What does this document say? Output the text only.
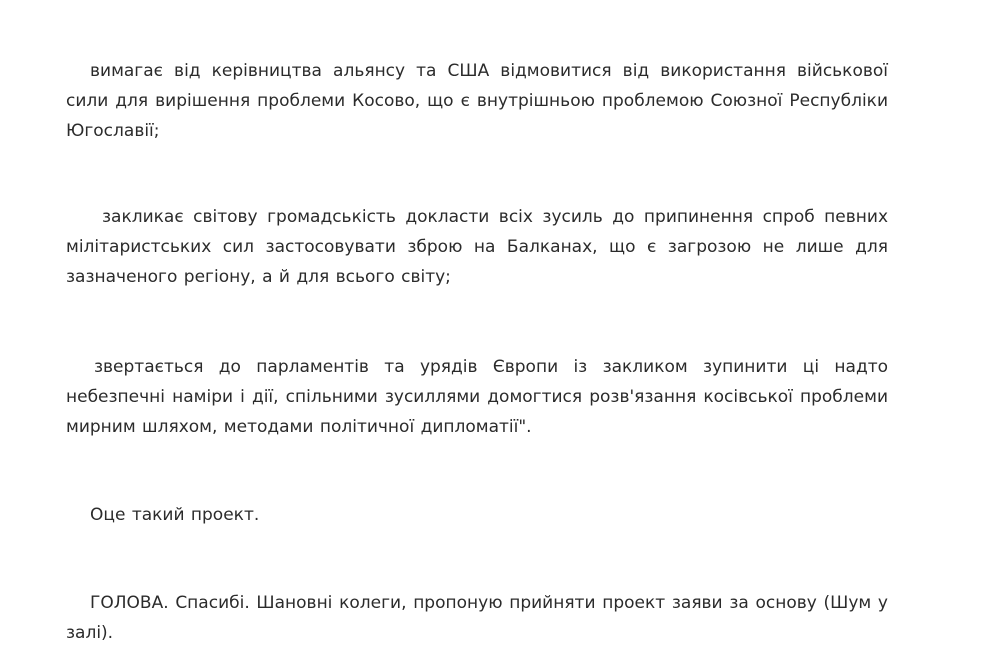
вимагає від керівництва альянсу та США відмовитися від використання військової сили для вирішення проблеми Косово, що є внутрішньою проблемою Союзної Республіки Югославії;

закликає світову громадськість докласти всіх зусиль до припинення спроб певних мілітаристських сил застосовувати зброю на Балканах, що є загрозою не лише для зазначеного регіону, а й для всього світу;

звертається до парламентів та урядів Європи із закликом зупинити ці надто небезпечні наміри і дії, спільними зусиллями домогтися розв'язання косівської проблеми мирним шляхом, методами політичної дипломатії".

Оце такий проект.

ГОЛОВА. Спасибі. Шановні колеги, пропоную прийняти проект заяви за основу (Шум у залі).
